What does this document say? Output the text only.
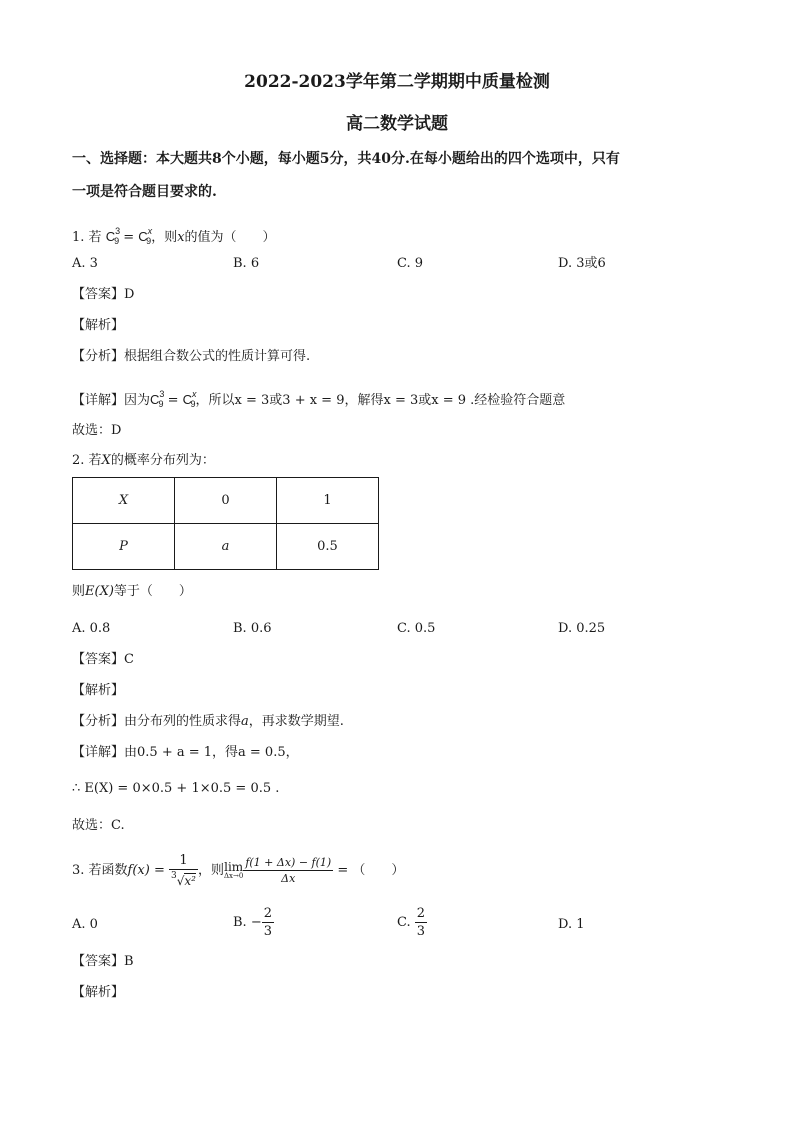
2022-2023学年第二学期期中质量检测
高二数学试题
一、选择题：本大题共8个小题，每小题5分，共40分.在每小题给出的四个选项中，只有
一项是符合题目要求的.
1. 若 $C^3_9 = C^x_9$，则x的值为（　　）
A. 3	B. 6	C. 9	D. 3或6
【答案】D
【解析】
【分析】根据组合数公式的性质计算可得.
【详解】因为$C^3_9 = C^x_9$，所以x = 3或3 + x = 9，解得x = 3或x = 9 .经检验符合题意
故选：D
2. 若X的概率分布列为：
X	0	1
P	a	0.5
则E(X)等于（　　）
A. 0.8	B. 0.6	C. 0.5	D. 0.25
【答案】C
【解析】
【分析】由分布列的性质求得a，再求数学期望.
【详解】由0.5 + a = 1，得a = 0.5，
∴ E(X) = 0×0.5 + 1×0.5 = 0.5 .
故选：C.
3. 若函数$f(x) = \frac{1}{^3√x^2}$ ，则 lim
$\Delta x\to 0 \frac{f(1 + \Delta x) - f(1)}{\Delta x}$ = （　　）
A. 0	B. − $\frac{2}{3}$	C. $\frac{2}{3}$	D. 1
【答案】B
【解析】
